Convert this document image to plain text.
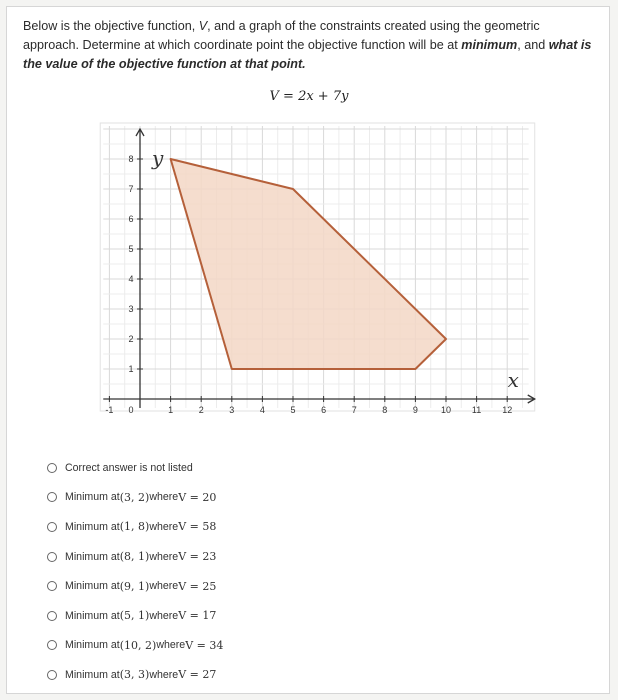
Below is the objective function, V, and a graph of the constraints created using the geometric approach. Determine at which coordinate point the objective function will be at minimum, and what is the value of the objective function at that point.
V = 2x + 7y
-1 0	1	2	3	4	5	6	7	8	9	10 11 12
1
2
3
4
5
6
7
8 y
x
Correct answer is not listed
Minimum at (3, 2) where V = 20
Minimum at (1, 8) where V = 58
Minimum at (8, 1) where V = 23
Minimum at (9, 1) where V = 25
Minimum at (5, 1) where V = 17
Minimum at (10, 2) where V = 34
Minimum at (3, 3) where V = 27
